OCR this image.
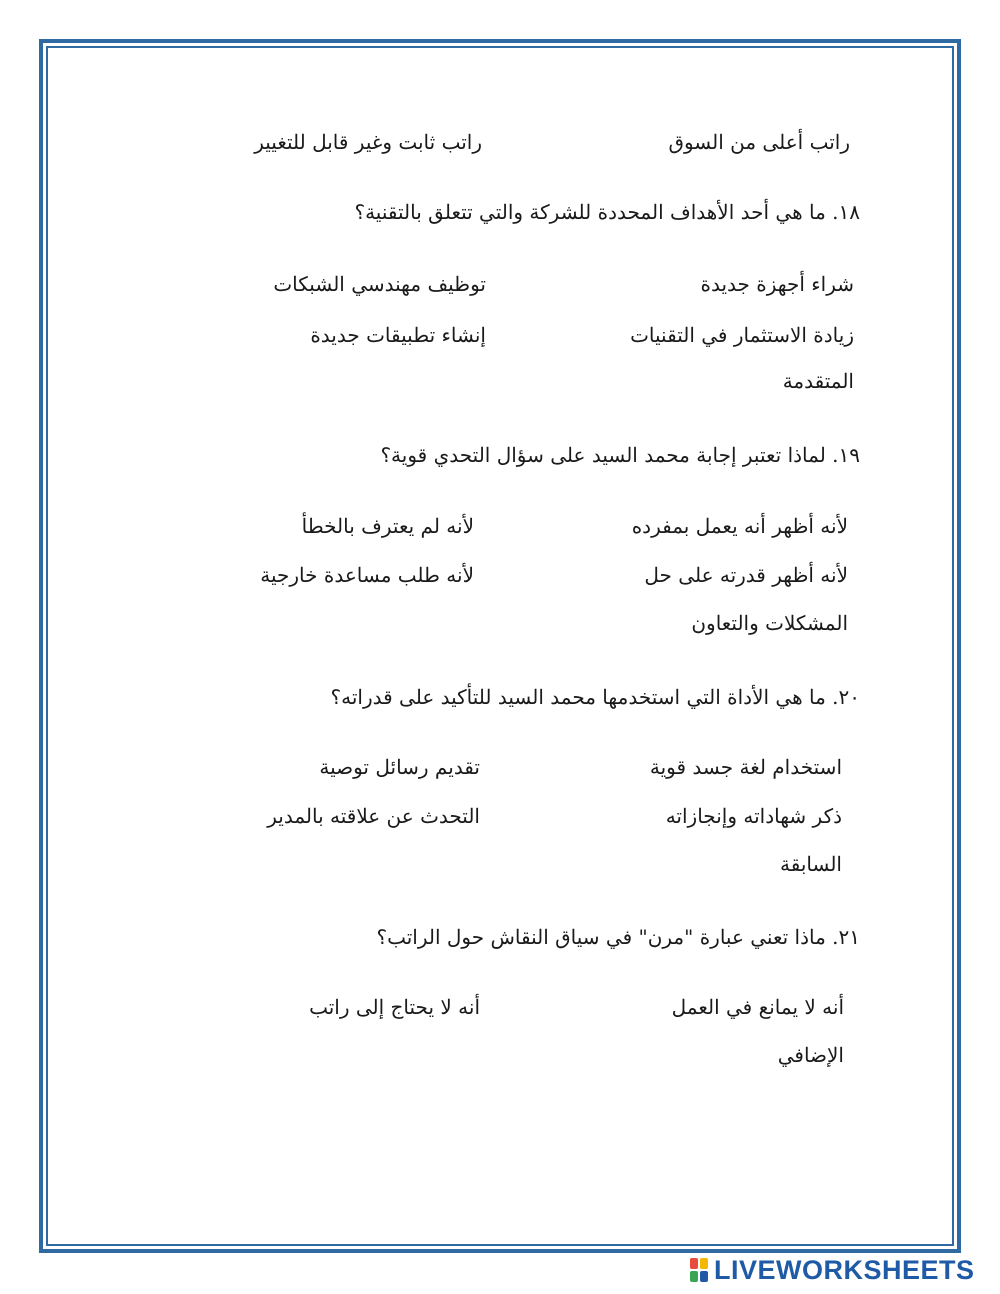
راتب أعلى من السوق
راتب ثابت وغير قابل للتغيير
١٨. ما هي أحد الأهداف المحددة للشركة والتي تتعلق بالتقنية؟
شراء أجهزة جديدة
توظيف مهندسي الشبكات
زيادة الاستثمار في التقنيات
المتقدمة
إنشاء تطبيقات جديدة
١٩. لماذا تعتبر إجابة محمد السيد على سؤال التحدي قوية؟
لأنه أظهر أنه يعمل بمفرده
لأنه لم يعترف بالخطأ
لأنه أظهر قدرته على حل
المشكلات والتعاون
لأنه طلب مساعدة خارجية
٢٠. ما هي الأداة التي استخدمها محمد السيد للتأكيد على قدراته؟
استخدام لغة جسد قوية
تقديم رسائل توصية
ذكر شهاداته وإنجازاته
السابقة
التحدث عن علاقته بالمدير
٢١. ماذا تعني عبارة "مرن" في سياق النقاش حول الراتب؟
أنه لا يمانع في العمل
الإضافي
أنه لا يحتاج إلى راتب
LIVEWORKSHEETS
